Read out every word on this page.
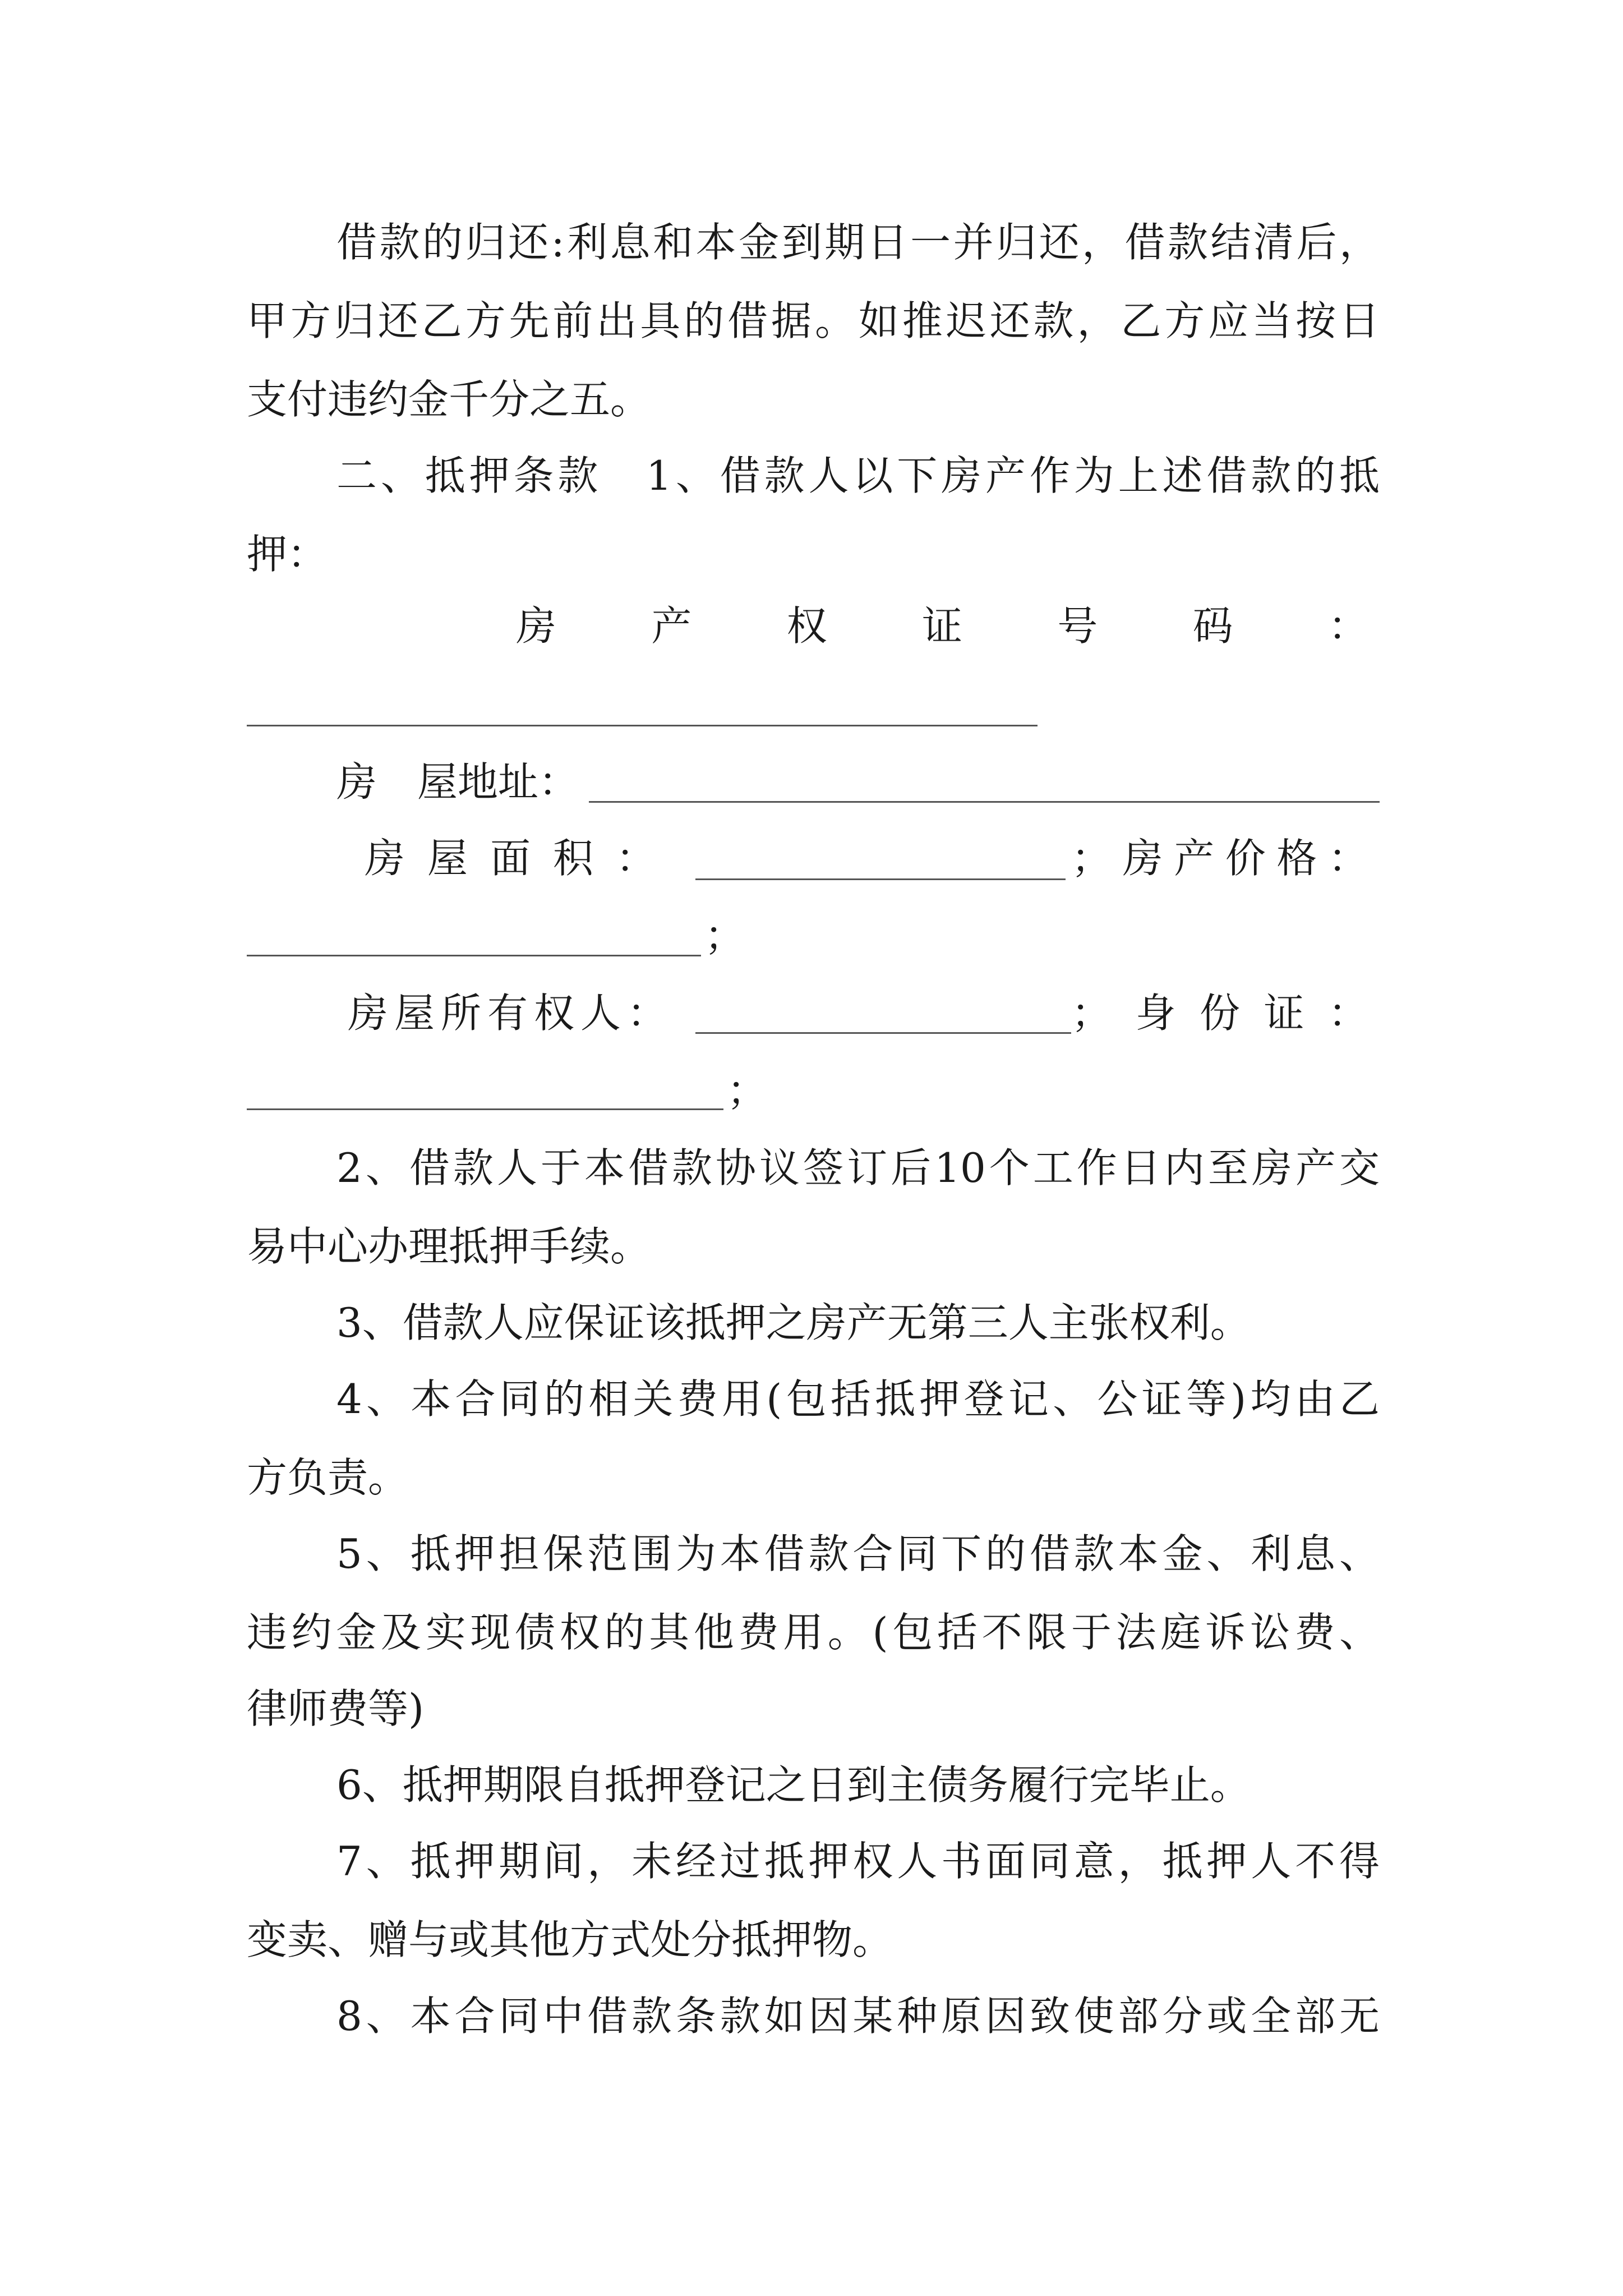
借款的归还:利息和本金到期日一并归还，借款结清后，

甲方归还乙方先前出具的借据。如推迟还款，乙方应当按日

支付违约金千分之五。

二、抵押条款　1、借款人以下房产作为上述借款的抵

押：

房 产 权 证 号 码 ：
房　屋地址：
房 屋 面 积 ：	； 房 产 价 格 ：
；
房 屋 所 有 权 人 ：	； 身 份 证 ：
；

2、借款人于本借款协议签订后10个工作日内至房产交

易中心办理抵押手续。

3、借款人应保证该抵押之房产无第三人主张权利。

4、本合同的相关费用(包括抵押登记、公证等)均由乙

方负责。

5、抵押担保范围为本借款合同下的借款本金、利息、

违约金及实现债权的其他费用。(包括不限于法庭诉讼费、

律师费等)

6、抵押期限自抵押登记之日到主债务履行完毕止。

7、抵押期间，未经过抵押权人书面同意，抵押人不得

变卖、赠与或其他方式处分抵押物。

8、本合同中借款条款如因某种原因致使部分或全部无
